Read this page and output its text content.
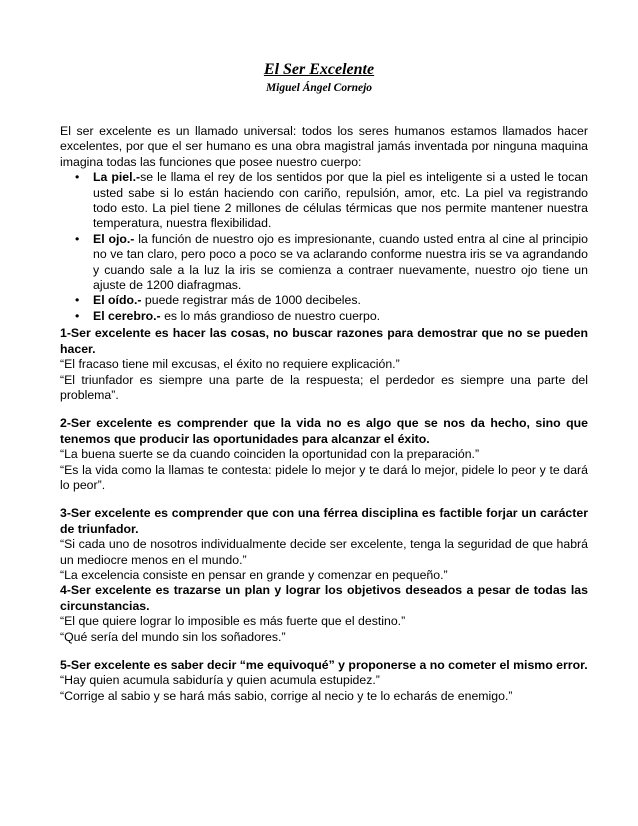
El Ser Excelente
Miguel Ángel Cornejo

El ser excelente es un llamado universal: todos los seres humanos estamos llamados hacer excelentes, por que el ser humano es una obra magistral jamás inventada por ninguna maquina imagina todas las funciones que posee nuestro cuerpo:

• La piel.-se le llama el rey de los sentidos por que la piel es inteligente si a usted le tocan usted sabe si lo están haciendo con cariño, repulsión, amor, etc. La piel va registrando todo esto. La piel tiene 2 millones de células térmicas que nos permite mantener nuestra temperatura, nuestra flexibilidad.
• El ojo.- la función de nuestro ojo es impresionante, cuando usted entra al cine al principio no ve tan claro, pero poco a poco se va aclarando conforme nuestra iris se va agrandando y cuando sale a la luz la iris se comienza a contraer nuevamente, nuestro ojo tiene un ajuste de 1200 diafragmas.
• El oído.- puede registrar más de 1000 decibeles.
• El cerebro.- es lo más grandioso de nuestro cuerpo.

1-Ser excelente es hacer las cosas, no buscar razones para demostrar que no se pueden hacer.

“El fracaso tiene mil excusas, el éxito no requiere explicación.”

“El triunfador es siempre una parte de la respuesta; el perdedor es siempre una parte del problema”.

2-Ser excelente es comprender que la vida no es algo que se nos da hecho, sino que tenemos que producir las oportunidades para alcanzar el éxito.

“La buena suerte se da cuando coinciden la oportunidad con la preparación.”

“Es la vida como la llamas te contesta: pidele lo mejor y te dará lo mejor, pidele lo peor y te dará lo peor”.

3-Ser excelente es comprender que con una férrea disciplina es factible forjar un carácter de triunfador.

“Si cada uno de nosotros individualmente decide ser excelente, tenga la seguridad de que habrá un mediocre menos en el mundo.”

“La excelencia consiste en pensar en grande y comenzar en pequeño.”

4-Ser excelente es trazarse un plan y lograr los objetivos deseados a pesar de todas las circunstancias.

“El que quiere lograr lo imposible es más fuerte que el destino.”

“Qué sería del mundo sin los soñadores.”

5-Ser excelente es saber decir “me equivoqué” y proponerse a no cometer el mismo error.

“Hay quien acumula sabiduría y quien acumula estupidez.”

“Corrige al sabio y se hará más sabio, corrige al necio y te lo echarás de enemigo.”
